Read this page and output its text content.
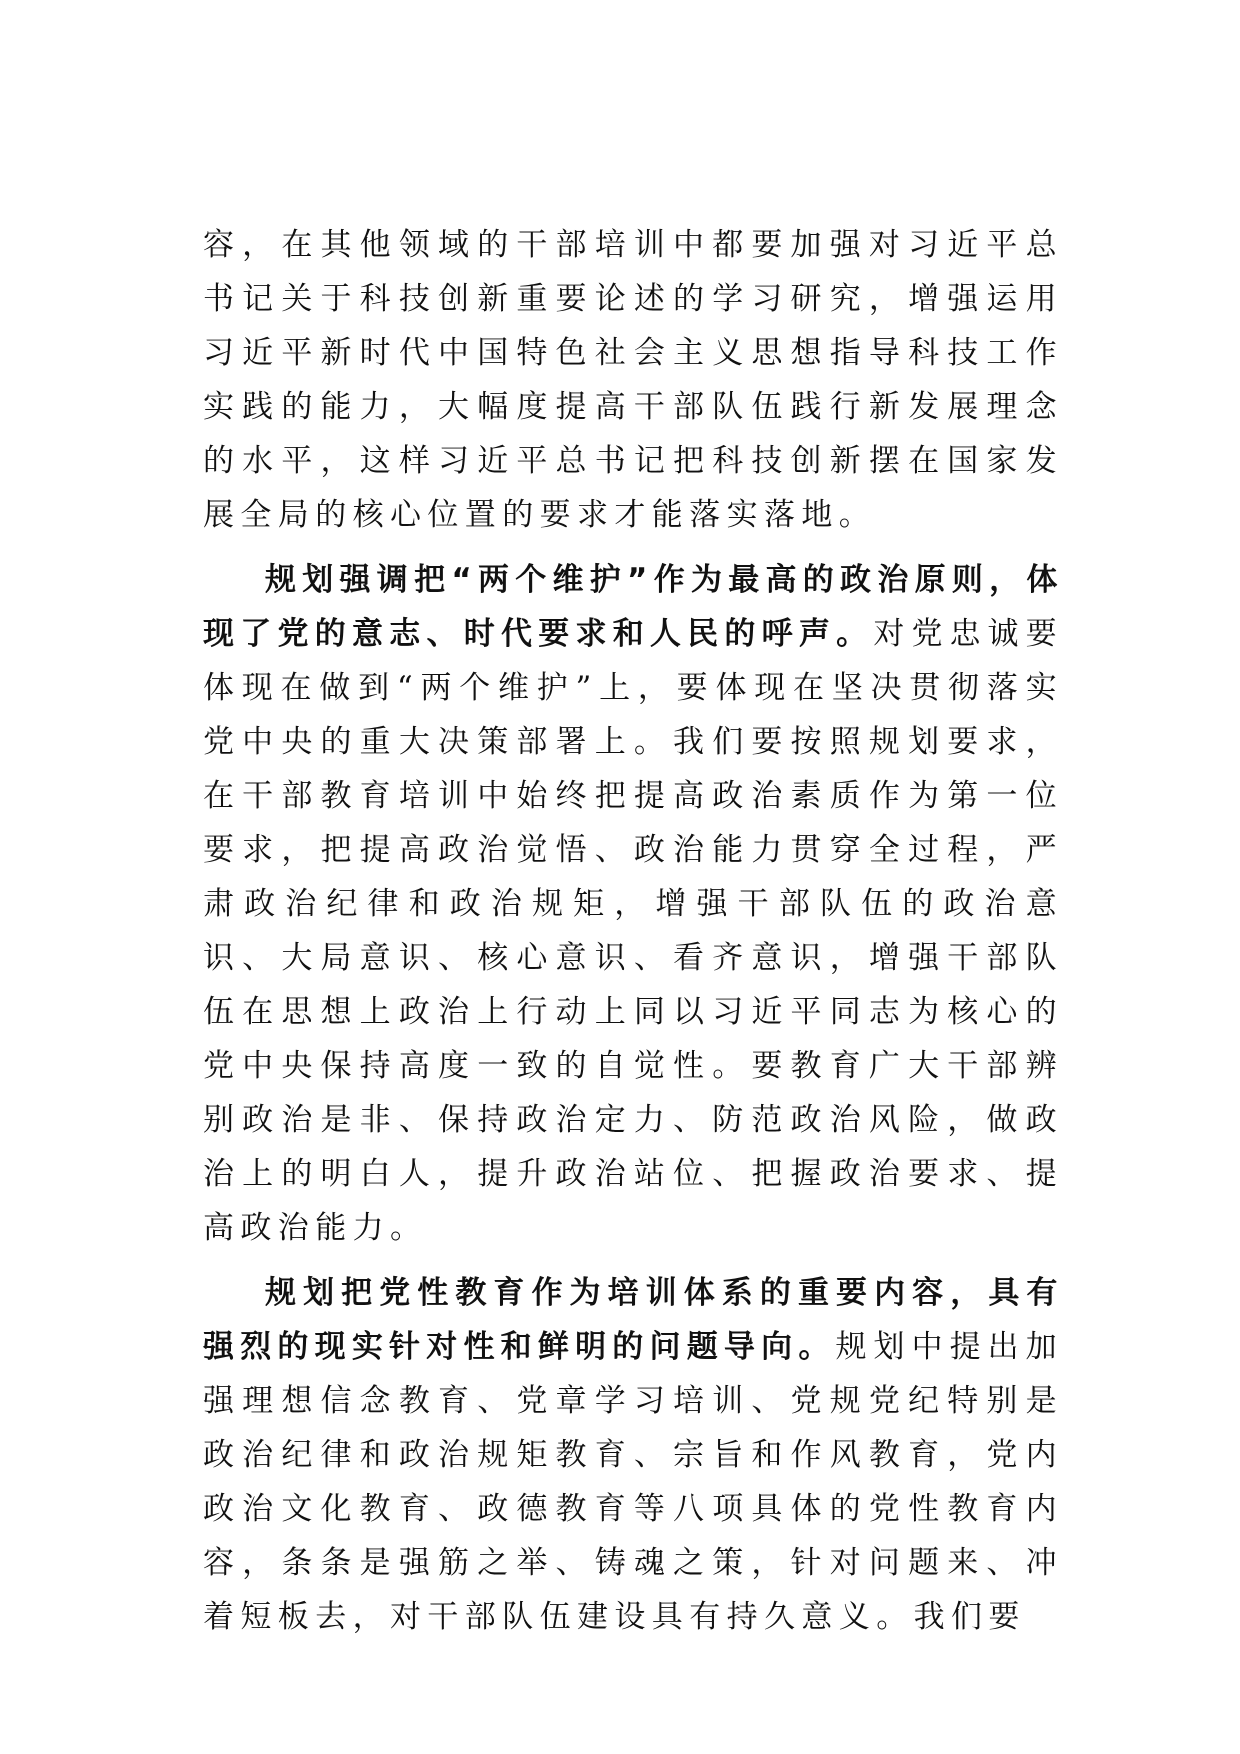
容，在其他领域的干部培训中都要加强对习近平总书记关于科技创新重要论述的学习研究，增强运用习近平新时代中国特色社会主义思想指导科技工作实践的能力，大幅度提高干部队伍践行新发展理念的水平，这样习近平总书记把科技创新摆在国家发展全局的核心位置的要求才能落实落地。

规划强调把“两个维护”作为最高的政治原则，体现了党的意志、时代要求和人民的呼声。对党忠诚要体现在做到“两个维护”上，要体现在坚决贯彻落实党中央的重大决策部署上。我们要按照规划要求，在干部教育培训中始终把提高政治素质作为第一位要求，把提高政治觉悟、政治能力贯穿全过程，严肃政治纪律和政治规矩，增强干部队伍的政治意识、大局意识、核心意识、看齐意识，增强干部队伍在思想上政治上行动上同以习近平同志为核心的党中央保持高度一致的自觉性。要教育广大干部辨别政治是非、保持政治定力、防范政治风险，做政治上的明白人，提升政治站位、把握政治要求、提高政治能力。

规划把党性教育作为培训体系的重要内容，具有强烈的现实针对性和鲜明的问题导向。规划中提出加强理想信念教育、党章学习培训、党规党纪特别是政治纪律和政治规矩教育、宗旨和作风教育，党内政治文化教育、政德教育等八项具体的党性教育内容，条条是强筋之举、铸魂之策，针对问题来、冲着短板去，对干部队伍建设具有持久意义。我们要
